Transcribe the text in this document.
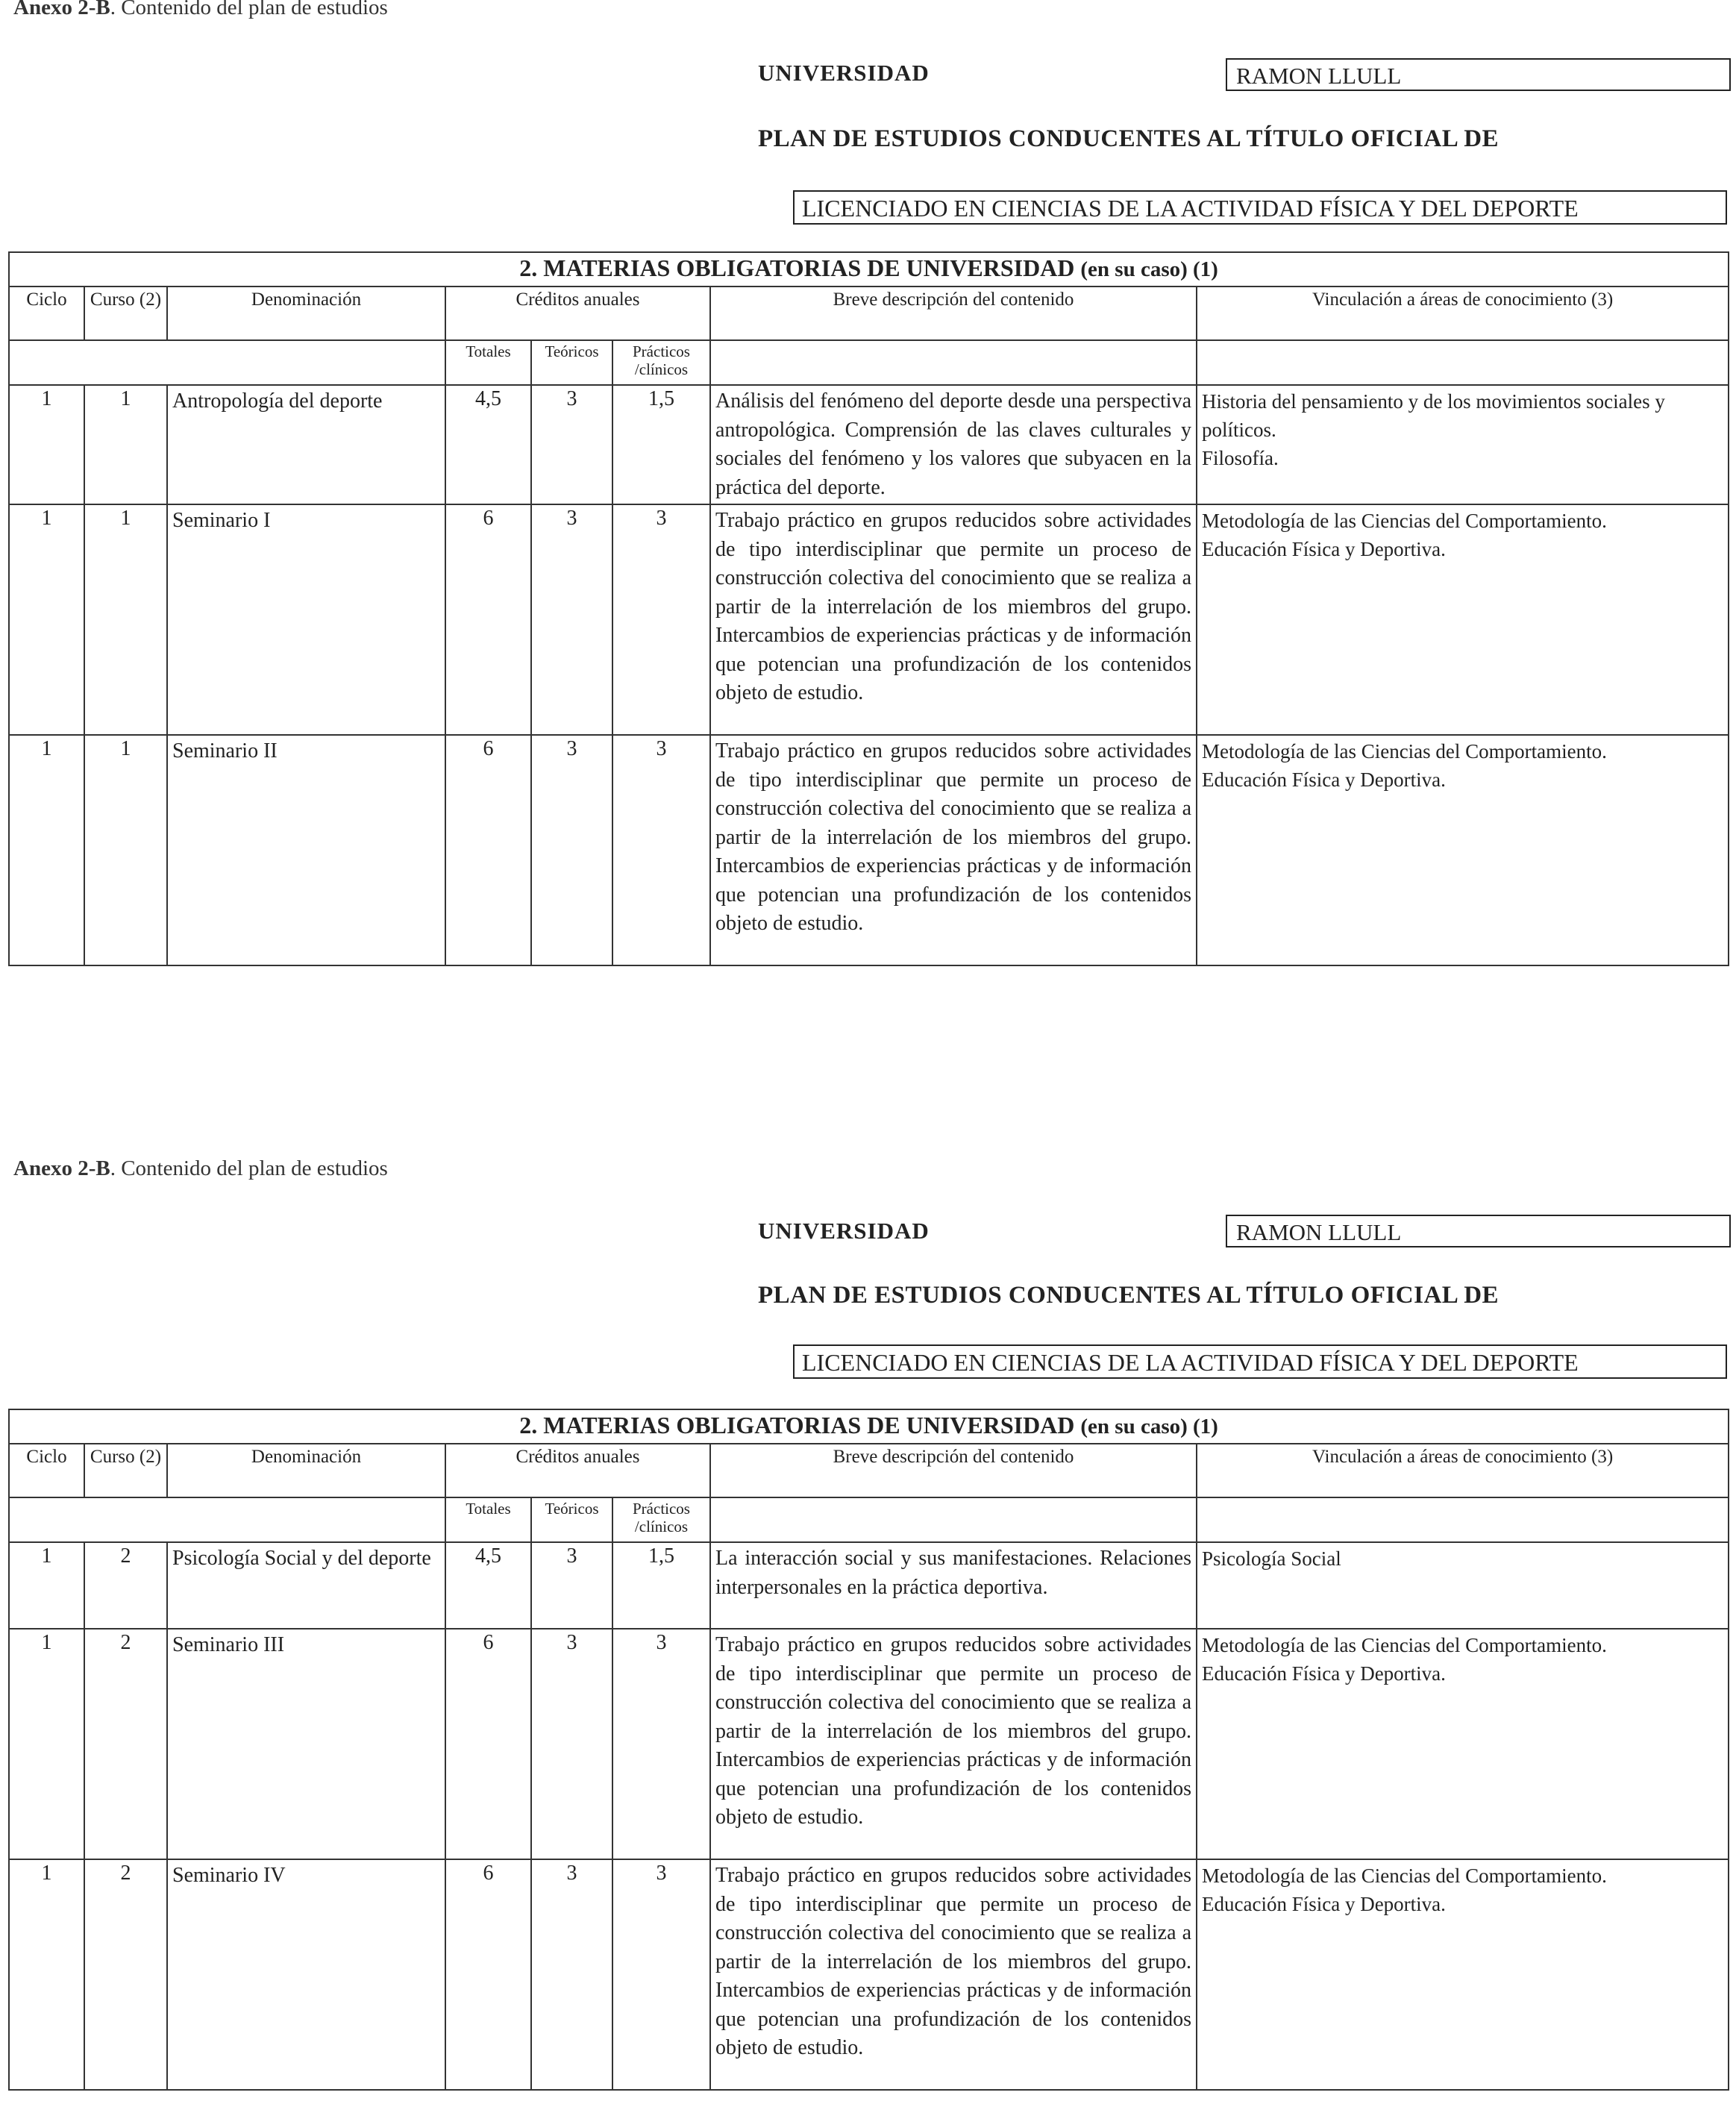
Anexo 2-B. Contenido del plan de estudios
UNIVERSIDAD	RAMON LLULL
PLAN DE ESTUDIOS CONDUCENTES AL TÍTULO OFICIAL DE
LICENCIADO EN CIENCIAS DE LA ACTIVIDAD FÍSICA Y DEL DEPORTE
2. MATERIAS OBLIGATORIAS DE UNIVERSIDAD (en su caso) (1)							
Ciclo	Curso (2)	Denominación	Créditos anuales			Breve descripción del contenido	Vinculación a áreas de conocimiento (3)
			Totales	Teóricos	Prácticos /clínicos		
1	1	Antropología del deporte	4,5	3	1,5	Análisis del fenómeno del deporte desde una perspectiva antropológica. Comprensión de las claves culturales y sociales del fenómeno y los valores que subyacen en la práctica del deporte.	Historia del pensamiento y de los movimientos sociales y políticos.
Filosofía.

1	1	Seminario I	6	3	3	Trabajo práctico en grupos reducidos sobre actividades de tipo interdisciplinar que permite un proceso de construcción colectiva del conocimiento que se realiza a partir de la interrelación de los miembros del grupo. Intercambios de experiencias prácticas y de información que potencian una profundización de los contenidos objeto de estudio.	Metodología de las Ciencias del Comportamiento.
Educación Física y Deportiva.

1	1	Seminario II	6	3	3	Trabajo práctico en grupos reducidos sobre actividades de tipo interdisciplinar que permite un proceso de construcción colectiva del conocimiento que se realiza a partir de la interrelación de los miembros del grupo. Intercambios de experiencias prácticas y de información que potencian una profundización de los contenidos objeto de estudio.	Metodología de las Ciencias del Comportamiento.
Educación Física y Deportiva.
Anexo 2-B. Contenido del plan de estudios
UNIVERSIDAD	RAMON LLULL
PLAN DE ESTUDIOS CONDUCENTES AL TÍTULO OFICIAL DE
LICENCIADO EN CIENCIAS DE LA ACTIVIDAD FÍSICA Y DEL DEPORTE
2. MATERIAS OBLIGATORIAS DE UNIVERSIDAD (en su caso) (1)							
Ciclo	Curso (2)	Denominación	Créditos anuales			Breve descripción del contenido	Vinculación a áreas de conocimiento (3)
			Totales	Teóricos	Prácticos /clínicos		
1	2	Psicología Social y del deporte	4,5	3	1,5	La interacción social y sus manifestaciones. Relaciones interpersonales en la práctica deportiva.	Psicología Social

1	2	Seminario III	6	3	3	Trabajo práctico en grupos reducidos sobre actividades de tipo interdisciplinar que permite un proceso de construcción colectiva del conocimiento que se realiza a partir de la interrelación de los miembros del grupo. Intercambios de experiencias prácticas y de información que potencian una profundización de los contenidos objeto de estudio.	Metodología de las Ciencias del Comportamiento.
Educación Física y Deportiva.

1	2	Seminario IV	6	3	3	Trabajo práctico en grupos reducidos sobre actividades de tipo interdisciplinar que permite un proceso de construcción colectiva del conocimiento que se realiza a partir de la interrelación de los miembros del grupo. Intercambios de experiencias prácticas y de información que potencian una profundización de los contenidos objeto de estudio.	Metodología de las Ciencias del Comportamiento.
Educación Física y Deportiva.
